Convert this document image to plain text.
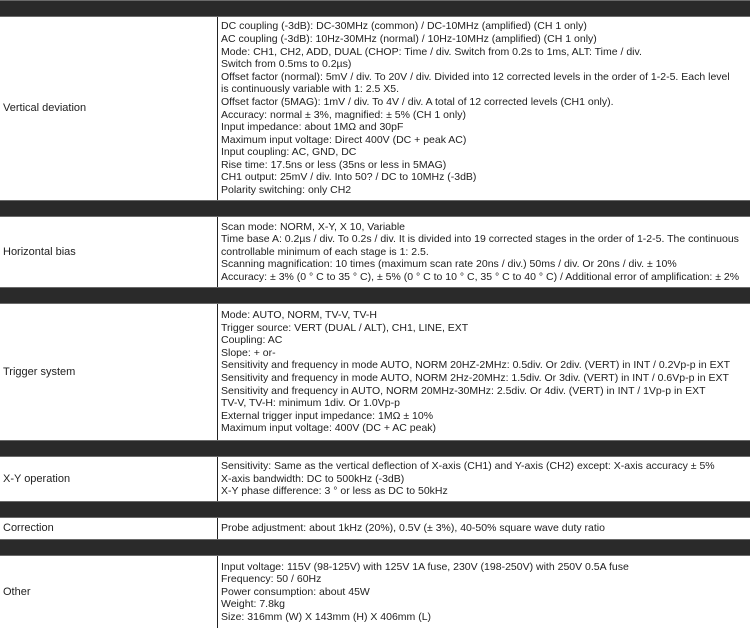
Vertical deviation
DC coupling (-3dB): DC-30MHz (common) / DC-10MHz (amplified) (CH 1 only)
AC coupling (-3dB): 10Hz-30MHz (normal) / 10Hz-10MHz (amplified) (CH 1 only)
Mode: CH1, CH2, ADD, DUAL (CHOP: Time / div. Switch from 0.2s to 1ms, ALT: Time / div.
Switch from 0.5ms to 0.2µs)
Offset factor (normal): 5mV / div. To 20V / div. Divided into 12 corrected levels in the order of 1-2-5. Each level
is continuously variable with 1: 2.5 X5.
Offset factor (5MAG): 1mV / div. To 4V / div. A total of 12 corrected levels (CH1 only).
Accuracy: normal ± 3%, magnified: ± 5% (CH 1 only)
Input impedance: about 1MΩ and 30pF
Maximum input voltage: Direct 400V (DC + peak AC)
Input coupling: AC, GND, DC
Rise time: 17.5ns or less (35ns or less in 5MAG)
CH1 output: 25mV / div. Into 50? / DC to 10MHz (-3dB)
Polarity switching: only CH2
Horizontal bias
Scan mode: NORM, X-Y, X 10, Variable
Time base A: 0.2µs / div. To 0.2s / div. It is divided into 19 corrected stages in the order of 1-2-5. The continuous
controllable minimum of each stage is 1: 2.5.
Scanning magnification: 10 times (maximum scan rate 20ns / div.) 50ms / div. Or 20ns / div. ± 10%
Accuracy: ± 3% (0 ° C to 35 ° C), ± 5% (0 ° C to 10 ° C, 35 ° C to 40 ° C) / Additional error of amplification: ± 2%
Trigger system
Mode: AUTO, NORM, TV-V, TV-H
Trigger source: VERT (DUAL / ALT), CH1, LINE, EXT
Coupling: AC
Slope: + or-
Sensitivity and frequency in mode AUTO, NORM 20HZ-2MHz: 0.5div. Or 2div. (VERT) in INT / 0.2Vp-p in EXT
Sensitivity and frequency in mode AUTO, NORM 2Hz-20MHz: 1.5div. Or 3div. (VERT) in INT / 0.6Vp-p in EXT
Sensitivity and frequency in AUTO, NORM 20MHz-30MHz: 2.5div. Or 4div. (VERT) in INT / 1Vp-p in EXT
TV-V, TV-H: minimum 1div. Or 1.0Vp-p
External trigger input impedance: 1MΩ ± 10%
Maximum input voltage: 400V (DC + AC peak)
X-Y operation
Sensitivity: Same as the vertical deflection of X-axis (CH1) and Y-axis (CH2) except: X-axis accuracy ± 5%
X-axis bandwidth: DC to 500kHz (-3dB)
X-Y phase difference: 3 ° or less as DC to 50kHz
Correction	Probe adjustment: about 1kHz (20%), 0.5V (± 3%), 40-50% square wave duty ratio
Other
Input voltage: 115V (98-125V) with 125V 1A fuse, 230V (198-250V) with 250V 0.5A fuse
Frequency: 50 / 60Hz
Power consumption: about 45W
Weight: 7.8kg
Size: 316mm (W) X 143mm (H) X 406mm (L)
